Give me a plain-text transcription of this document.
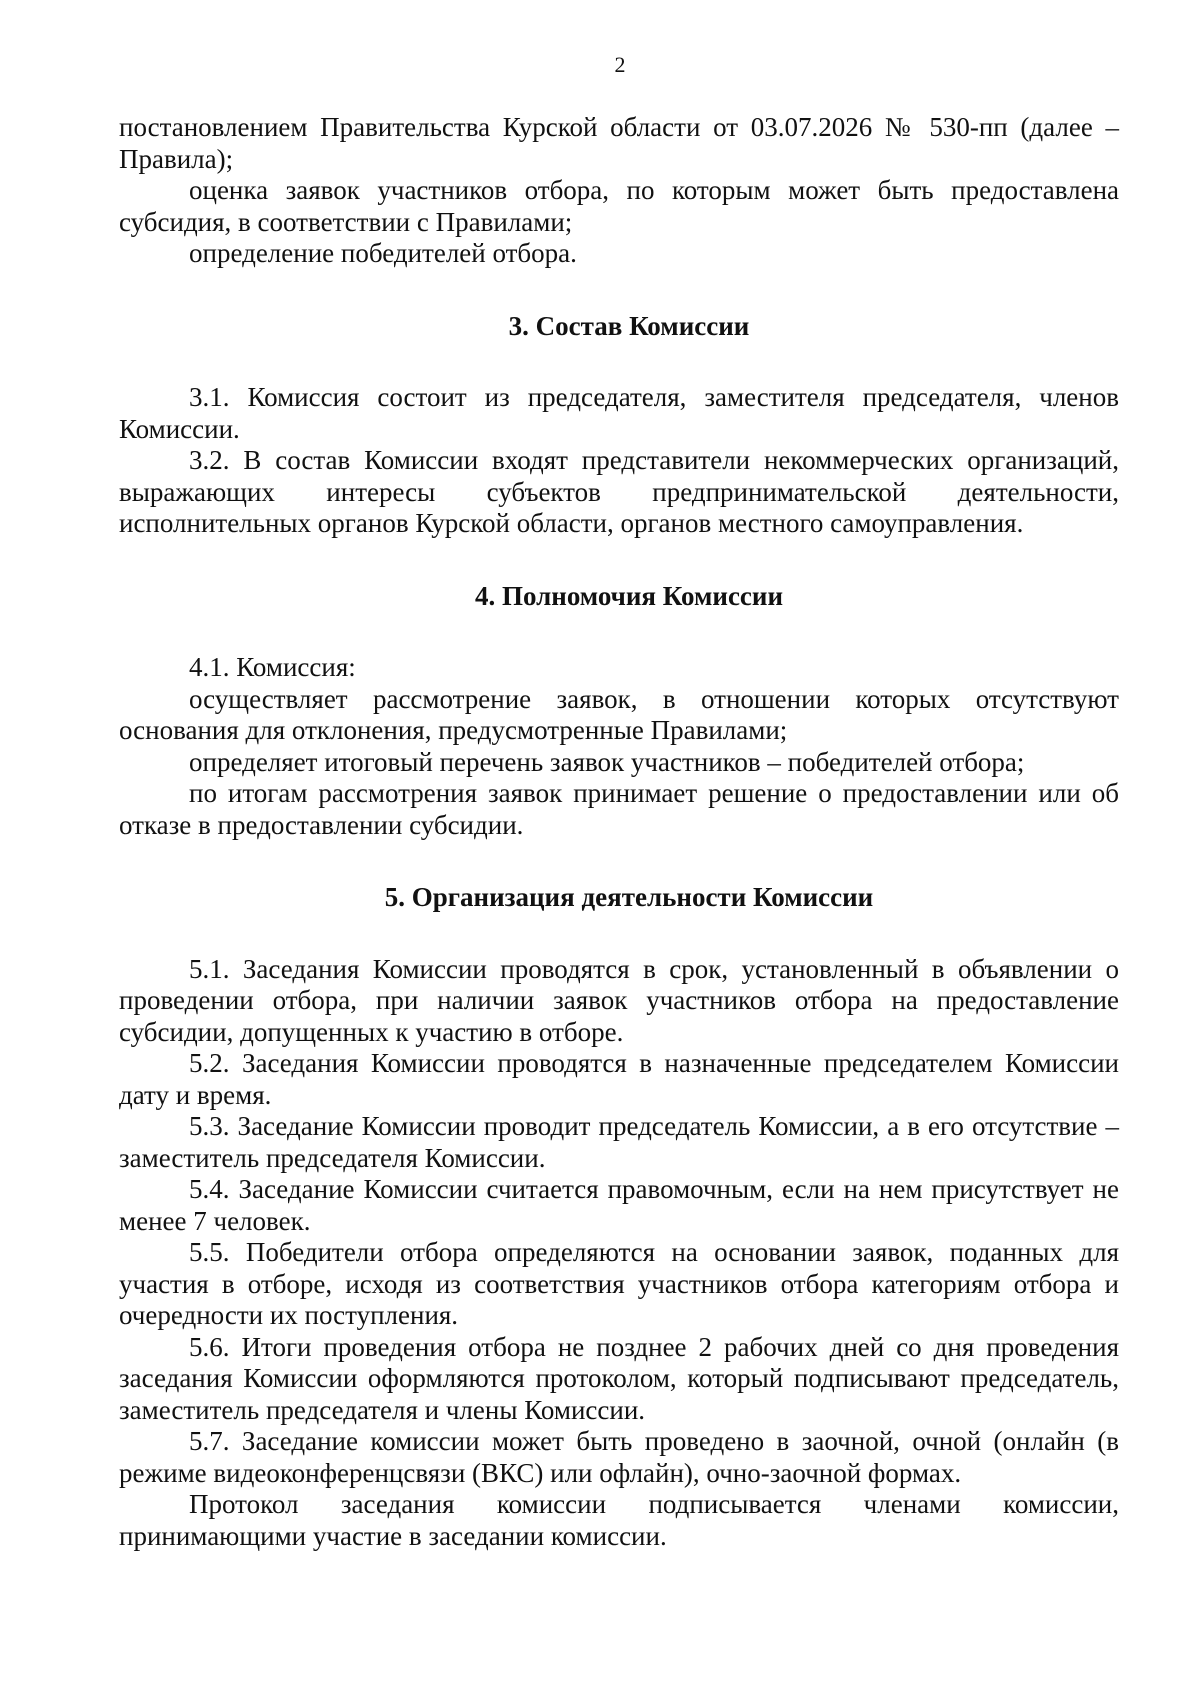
2

постановлением Правительства Курской области от 03.07.2026 № 530-пп (далее – Правила);

оценка заявок участников отбора, по которым может быть предоставлена субсидия, в соответствии с Правилами;

определение победителей отбора.

3. Состав Комиссии

3.1. Комиссия состоит из председателя, заместителя председателя, членов Комиссии.

3.2. В состав Комиссии входят представители некоммерческих организаций, выражающих интересы субъектов предпринимательской деятельности, исполнительных органов Курской области, органов местного самоуправления.

4. Полномочия Комиссии

4.1. Комиссия:

осуществляет рассмотрение заявок, в отношении которых отсутствуют основания для отклонения, предусмотренные Правилами;

определяет итоговый перечень заявок участников – победителей отбора;

по итогам рассмотрения заявок принимает решение о предоставлении или об отказе в предоставлении субсидии.

5. Организация деятельности Комиссии

5.1. Заседания Комиссии проводятся в срок, установленный в объявлении о проведении отбора, при наличии заявок участников отбора на предоставление субсидии, допущенных к участию в отборе.

5.2. Заседания Комиссии проводятся в назначенные председателем Комиссии дату и время.

5.3. Заседание Комиссии проводит председатель Комиссии, а в его отсутствие – заместитель председателя Комиссии.

5.4. Заседание Комиссии считается правомочным, если на нем присутствует не менее 7 человек.

5.5. Победители отбора определяются на основании заявок, поданных для участия в отборе, исходя из соответствия участников отбора категориям отбора и очередности их поступления.

5.6. Итоги проведения отбора не позднее 2 рабочих дней со дня проведения заседания Комиссии оформляются протоколом, который подписывают председатель, заместитель председателя и члены Комиссии.

5.7. Заседание комиссии может быть проведено в заочной, очной (онлайн (в режиме видеоконференцсвязи (ВКС) или офлайн), очно-заочной формах.

Протокол заседания комиссии подписывается членами комиссии, принимающими участие в заседании комиссии.
